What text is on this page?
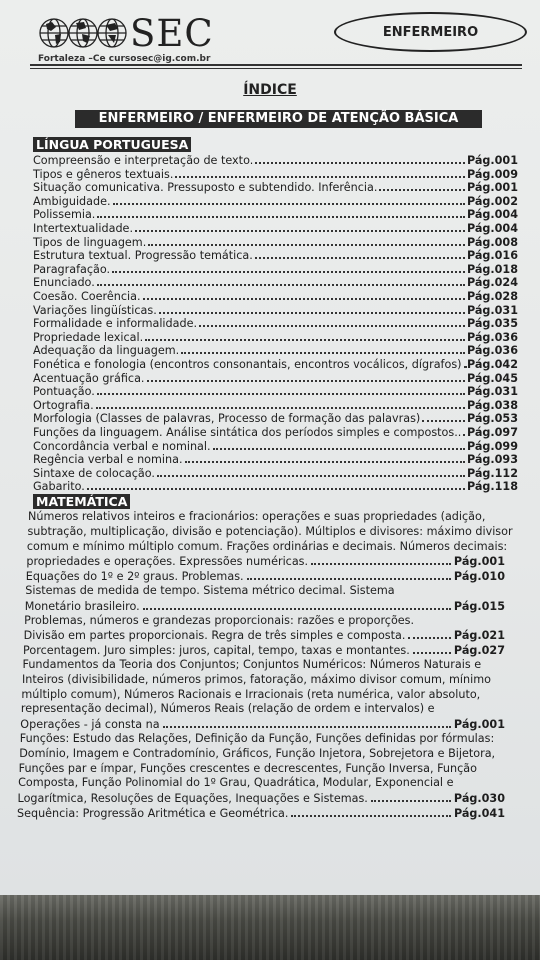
SEC
Fortaleza –Ce cursosec@ig.com.br
ENFERMEIRO
ÍNDICE
ENFERMEIRO / ENFERMEIRO DE ATENÇÃO BÁSICA
LÍNGUA PORTUGUESA
Compreensão e interpretação de texto.	Pág.001
Tipos e gêneros textuais.	Pág.009
Situação comunicativa. Pressuposto e subtendido. Inferência.	Pág.001
Ambiguidade.	Pág.002
Polissemia.	Pág.004
Intertextualidade.	Pág.004
Tipos de linguagem.	Pág.008
Estrutura textual. Progressão temática.	Pág.016
Paragrafação.	Pág.018
Enunciado.	Pág.024
Coesão. Coerência.	Pág.028
Variações lingüísticas.	Pág.031
Formalidade e informalidade.	Pág.035
Propriedade lexical.	Pág.036
Adequação da linguagem.	Pág.036
Fonética e fonologia (encontros consonantais, encontros vocálicos, dígrafos) Pág.042
Acentuação gráfica.	Pág.045
Pontuação.	Pág.031
Ortografia.	Pág.038
Morfologia (Classes de palavras, Processo de formação das palavras)	Pág.053
Funções da linguagem. Análise sintática dos períodos simples e compostos.. Pág.097
Concordância verbal e nominal.	Pág.099
Regência verbal e nomina.	Pág.093
Sintaxe de colocação.	Pág.112
Gabarito.	Pág.118
MATEMÁTICA
Números relativos inteiros e fracionários: operações e suas propriedades (adição,
subtração, multiplicação, divisão e potenciação). Múltiplos e divisores: máximo divisor
comum e mínimo múltiplo comum. Frações ordinárias e decimais. Números decimais:
propriedades e operações. Expressões numéricas.	Pág.001
Equações do 1º e 2º graus. Problemas.	Pág.010
Sistemas de medida de tempo. Sistema métrico decimal. Sistema
Monetário brasileiro.	Pág.015
Problemas, números e grandezas proporcionais: razões e proporções.
Divisão em partes proporcionais. Regra de três simples e composta.	Pág.021
Porcentagem. Juro simples: juros, capital, tempo, taxas e montantes.	Pág.027
Fundamentos da Teoria dos Conjuntos; Conjuntos Numéricos: Números Naturais e
Inteiros (divisibilidade, números primos, fatoração, máximo divisor comum, mínimo
múltiplo comum), Números Racionais e Irracionais (reta numérica, valor absoluto,
representação decimal), Números Reais (relação de ordem e intervalos) e
Operações - já consta na	Pág.001
Funções: Estudo das Relações, Definição da Função, Funções definidas por fórmulas:
Domínio, Imagem e Contradomínio, Gráficos, Função Injetora, Sobrejetora e Bijetora,
Funções par e ímpar, Funções crescentes e decrescentes, Função Inversa, Função
Composta, Função Polinomial do 1º Grau, Quadrática, Modular, Exponencial e
Logarítmica, Resoluções de Equações, Inequações e Sistemas.	Pág.030
Sequência: Progressão Aritmética e Geométrica.	Pág.041
